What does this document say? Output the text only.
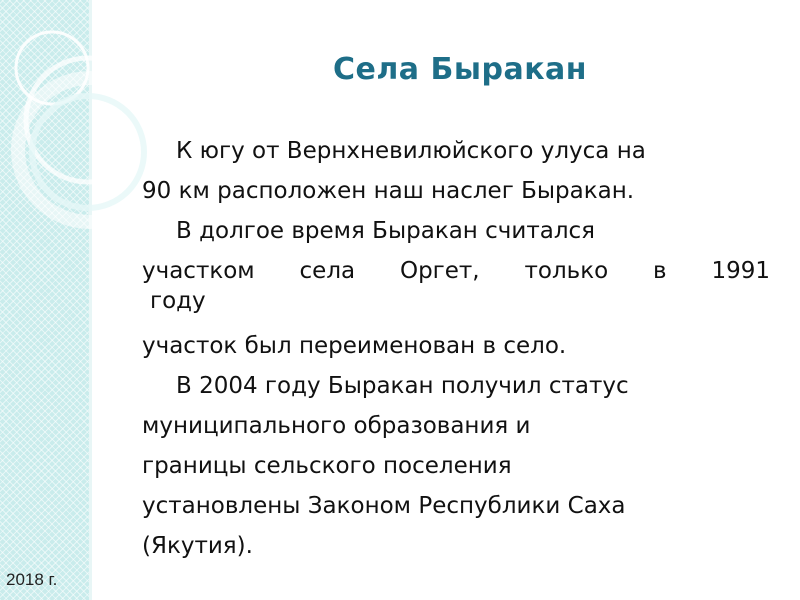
Села Быракан
К югу от Вернхневилюйского улуса на
90 км расположен наш наслег Быракан.
В долгое время Быракан считался
участком села Оргет, только в 1991
году
участок был переименован в село.
В 2004 году Быракан получил статус
муниципального образования и
границы сельского поселения
установлены Законом Республики Саха
(Якутия).
2018 г.
